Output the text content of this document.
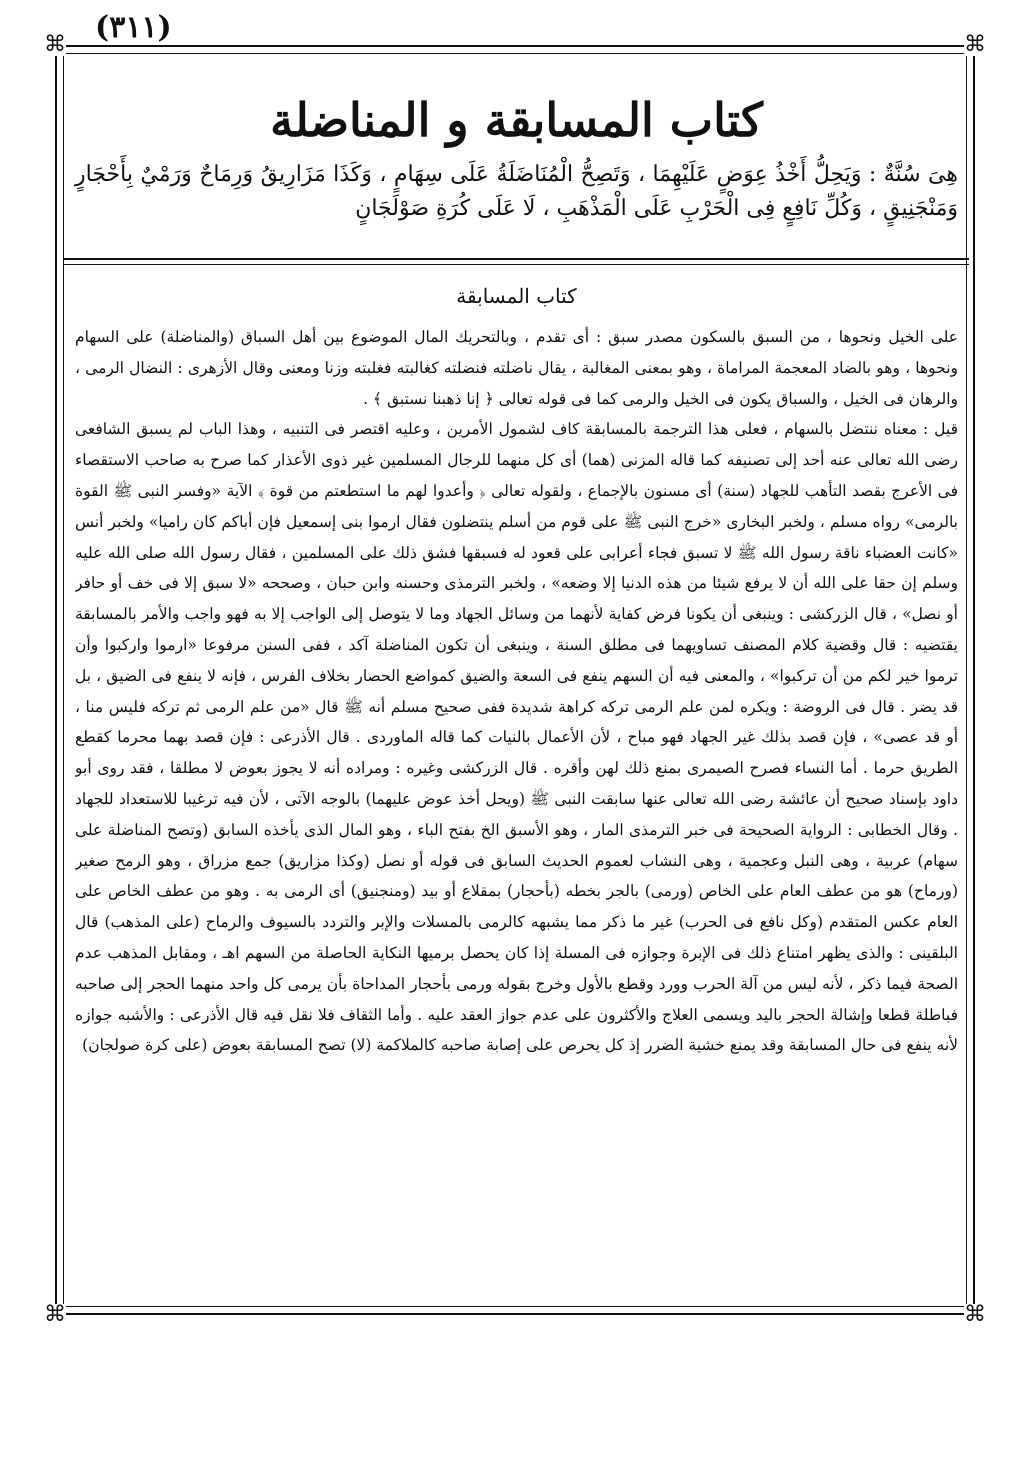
⌘	⌘
⌘	⌘
(٣١١)
كتاب المسابقة و المناضلة

هِىَ سُنَّةٌ : وَيَحِلُّ أَخْذُ عِوَضٍ عَلَيْهِمَا ، وَتَصِحُّ الْمُنَاضَلَةُ عَلَى سِهَامٍ ، وَكَذَا مَزَارِيقُ وَرِمَاحٌ وَرَمْيٌ بِأَحْجَارٍ وَمَنْجَنِيقٍ ، وَكُلِّ نَافِعٍ فِى الْحَرْبِ عَلَى الْمَذْهَبِ ، لَا عَلَى كُرَةِ صَوْلَجَانٍ

كتاب المسابقة

على الخيل ونحوها ، من السبق بالسكون مصدر سبق : أى تقدم ، وبالتحريك المال الموضوع بين أهل السباق (والمناضلة) على السهام ونحوها ، وهو بالضاد المعجمة المراماة ، وهو بمعنى المغالبة ، يقال ناضلته فنضلته كغالبته فغلبته وزنا ومعنى وقال الأزهرى : النضال الرمى ، والرهان فى الخيل ، والسباق يكون فى الخيل والرمى كما فى قوله تعالى ﴿ إنا ذهبنا نستبق ﴾ .

قيل : معناه ننتضل بالسهام ، فعلى هذا الترجمة بالمسابقة كاف لشمول الأمرين ، وعليه اقتصر فى التنبيه ، وهذا الباب لم يسبق الشافعى رضى الله تعالى عنه أحد إلى تصنيفه كما قاله المزنى (هما) أى كل منهما للرجال المسلمين غير ذوى الأعذار كما صرح به صاحب الاستقصاء فى الأعرج بقصد التأهب للجهاد (سنة) أى مسنون بالإجماع ، ولقوله تعالى ﴿ وأعدوا لهم ما استطعتم من قوة ﴾ الآية «وفسر النبى ﷺ القوة بالرمى» رواه مسلم ، ولخبر البخارى «خرج النبى ﷺ على قوم من أسلم ينتضلون فقال ارموا بنى إسمعيل فإن أباكم كان راميا» ولخبر أنس «كانت العضباء ناقة رسول الله ﷺ لا تسبق فجاء أعرابى على قعود له فسبقها فشق ذلك على المسلمين ، فقال رسول الله صلى الله عليه وسلم إن حقا على الله أن لا يرفع شيئا من هذه الدنيا إلا وضعه» ، ولخبر الترمذى وحسنه وابن حبان ، وصححه «لا سبق إلا فى خف أو حافر أو نصل» ، قال الزركشى : وينبغى أن يكونا فرض كفاية لأنهما من وسائل الجهاد وما لا يتوصل إلى الواجب إلا به فهو واجب والأمر بالمسابقة يقتضيه : قال وقضية كلام المصنف تساويهما فى مطلق السنة ، وينبغى أن تكون المناضلة آكد ، ففى السنن مرفوعا «ارموا واركبوا وأن ترموا خير لكم من أن تركبوا» ، والمعنى فيه أن السهم ينفع فى السعة والضيق كمواضع الحصار بخلاف الفرس ، فإنه لا ينفع فى الضيق ، بل قد يضر . قال فى الروضة : ويكره لمن علم الرمى تركه كراهة شديدة ففى صحيح مسلم أنه ﷺ قال «من علم الرمى ثم تركه فليس منا ، أو قد عصى» ، فإن قصد بذلك غير الجهاد فهو مباح ، لأن الأعمال بالنيات كما قاله الماوردى . قال الأذرعى : فإن قصد بهما محرما كقطع الطريق حرما . أما النساء فصرح الصيمرى بمنع ذلك لهن وأقره . قال الزركشى وغيره : ومراده أنه لا يجوز بعوض لا مطلقا ، فقد روى أبو داود بإسناد صحيح أن عائشة رضى الله تعالى عنها سابقت النبى ﷺ (ويحل أخذ عوض عليهما) بالوجه الآتى ، لأن فيه ترغيبا للاستعداد للجهاد . وقال الخطابى : الرواية الصحيحة فى خبر الترمذى المار ، وهو الأسبق الخ بفتح الباء ، وهو المال الذى يأخذه السابق (وتصح المناضلة على سهام) عربية ، وهى النبل وعجمية ، وهى النشاب لعموم الحديث السابق فى قوله أو نصل (وكذا مزاريق) جمع مزراق ، وهو الرمح صغير (ورماح) هو من عطف العام على الخاص (ورمى) بالجر بخطه (بأحجار) بمقلاع أو بيد (ومنجنيق) أى الرمى به . وهو من عطف الخاص على العام عكس المتقدم (وكل نافع فى الحرب) غير ما ذكر مما يشبهه كالرمى بالمسلات والإبر والتردد بالسيوف والرماح (على المذهب) قال البلقينى : والذى يظهر امتناع ذلك فى الإبرة وجوازه فى المسلة إذا كان يحصل برميها النكاية الحاصلة من السهم اهـ ، ومقابل المذهب عدم الصحة فيما ذكر ، لأنه ليس من آلة الحرب وورد وقطع بالأول وخرج بقوله ورمى بأحجار المداحاة بأن يرمى كل واحد منهما الحجر إلى صاحبه فباطلة قطعا وإشالة الحجر باليد ويسمى العلاج والأكثرون على عدم جواز العقد عليه . وأما الثقاف فلا نقل فيه قال الأذرعى : والأشبه جوازه لأنه ينفع فى حال المسابقة وقد يمنع خشية الضرر إذ كل يحرص على إصابة صاحبه كالملاكمة (لا) تصح المسابقة بعوض (على كرة صولجان)
